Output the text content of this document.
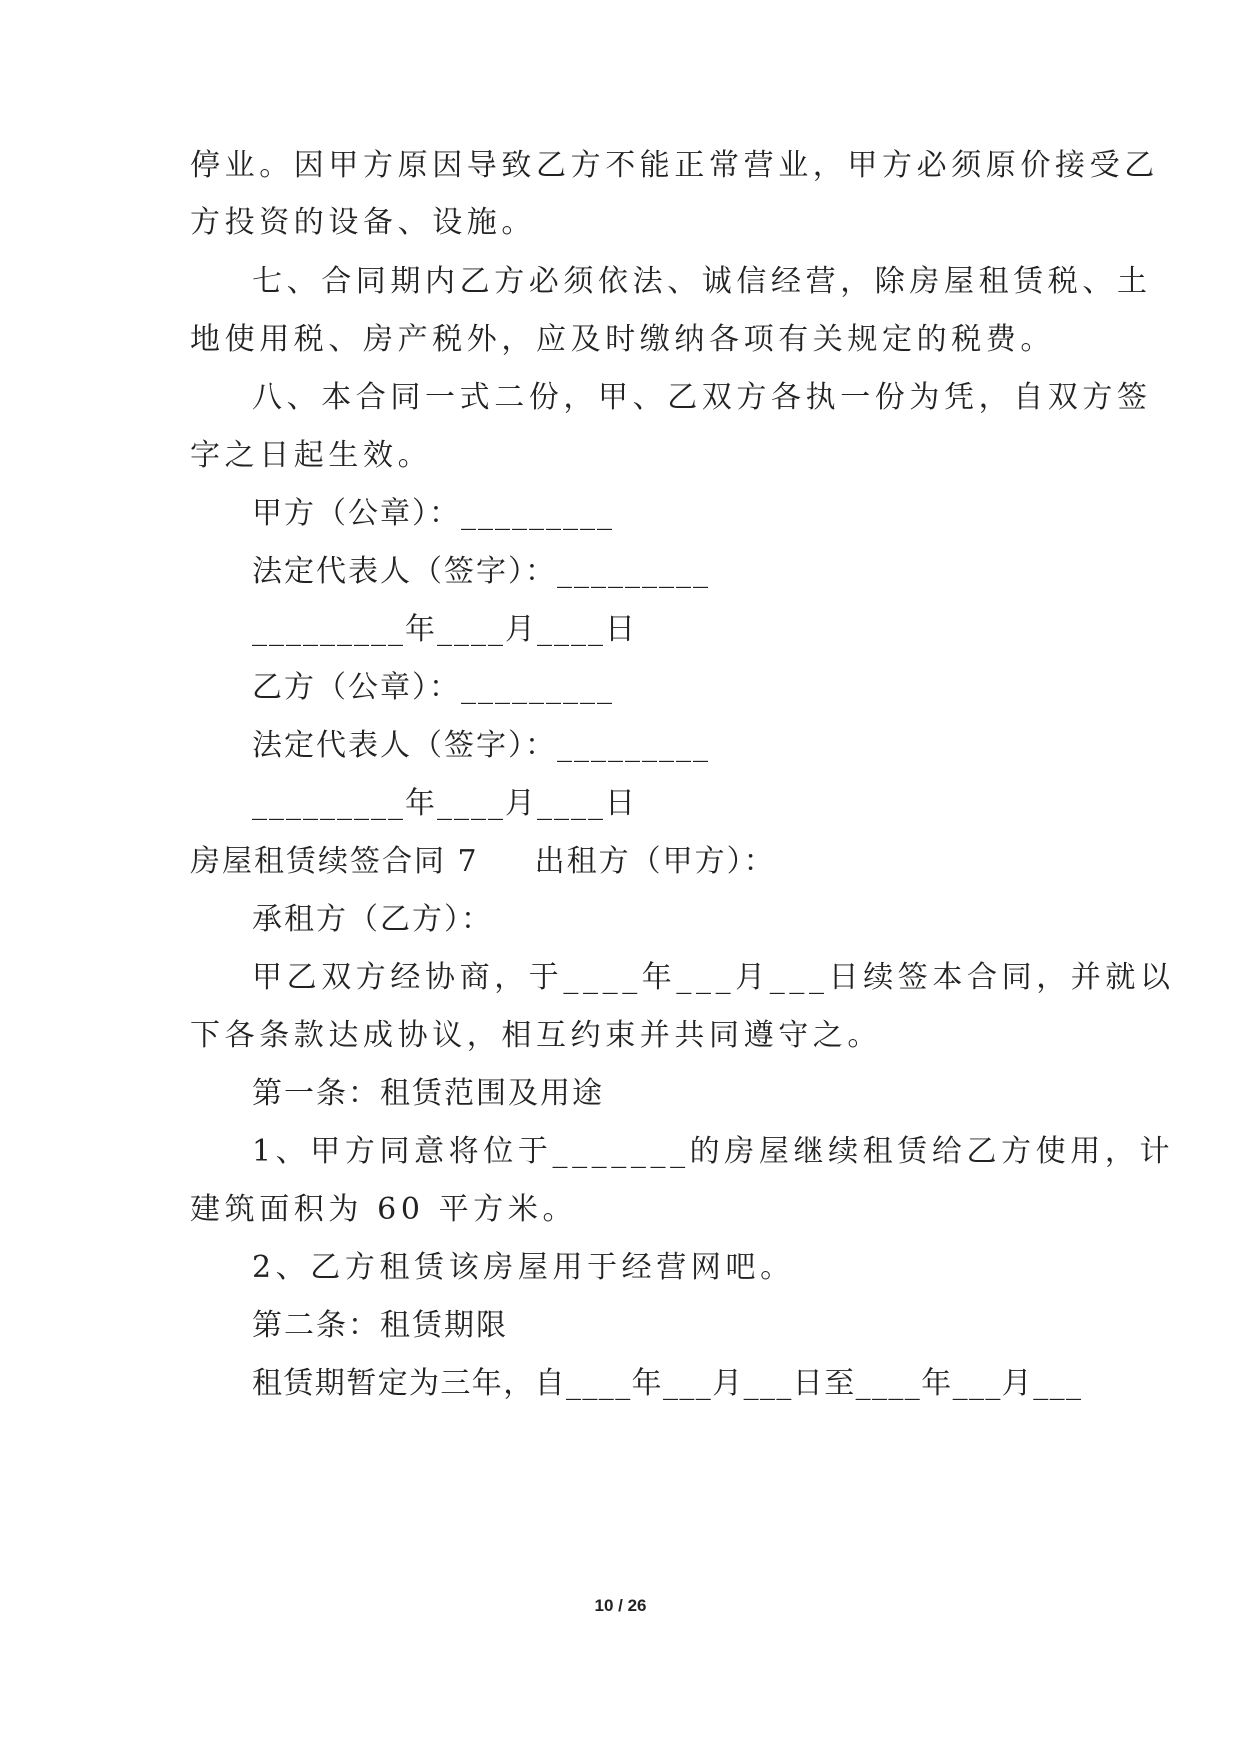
停业。因甲方原因导致乙方不能正常营业，甲方必须原价接受乙
方投资的设备、设施。
七、合同期内乙方必须依法、诚信经营，除房屋租赁税、土
地使用税、房产税外，应及时缴纳各项有关规定的税费。
八、本合同一式二份，甲、乙双方各执一份为凭，自双方签
字之日起生效。
甲方（公章）：_________
法定代表人（签字）：_________
_________年____月____日
乙方（公章）：_________
法定代表人（签字）：_________
_________年____月____日
房屋租赁续签合同 7 出租方（甲方）：
承租方（乙方）：
甲乙双方经协商，于____年___月___日续签本合同，并就以
下各条款达成协议，相互约束并共同遵守之。
第一条：租赁范围及用途
1、甲方同意将位于_______的房屋继续租赁给乙方使用，计
建筑面积为 60 平方米。
2、乙方租赁该房屋用于经营网吧。
第二条：租赁期限
租赁期暂定为三年，自____年___月___日至____年___月___
10 / 26
